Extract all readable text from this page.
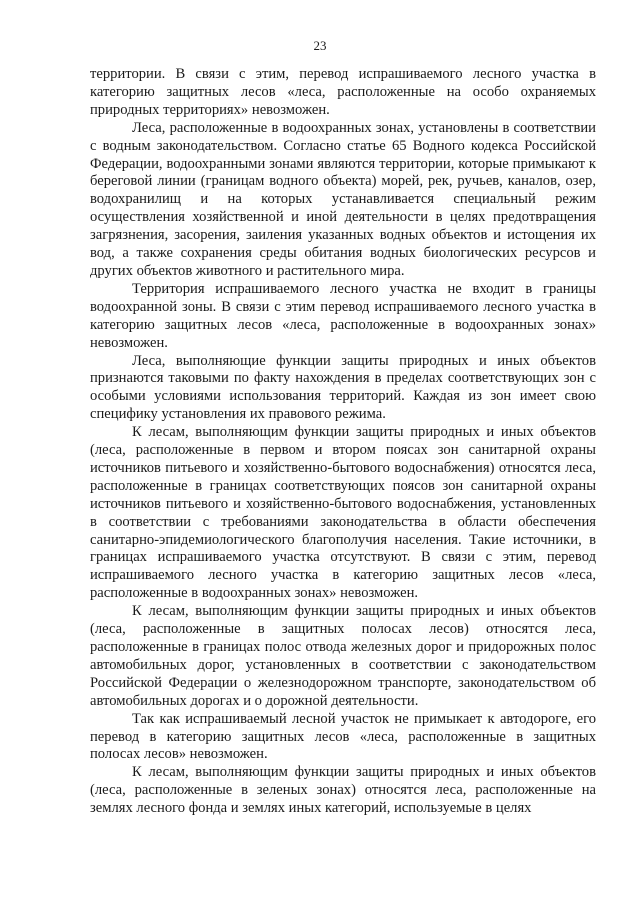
23

территории. В связи с этим, перевод испрашиваемого лесного участка в категорию защитных лесов «леса, расположенные на особо охраняемых природных территориях» невозможен.

Леса, расположенные в водоохранных зонах, установлены в соответствии с водным законодательством. Согласно статье 65 Водного кодекса Российской Федерации, водоохранными зонами являются территории, которые примыкают к береговой линии (границам водного объекта) морей, рек, ручьев, каналов, озер, водохранилищ и на которых устанавливается специальный режим осуществления хозяйственной и иной деятельности в целях предотвращения загрязнения, засорения, заиления указанных водных объектов и истощения их вод, а также сохранения среды обитания водных биологических ресурсов и других объектов животного и растительного мира.

Территория испрашиваемого лесного участка не входит в границы водоохранной зоны. В связи с этим перевод испрашиваемого лесного участка в категорию защитных лесов «леса, расположенные в водоохранных зонах» невозможен.

Леса, выполняющие функции защиты природных и иных объектов признаются таковыми по факту нахождения в пределах соответствующих зон с особыми условиями использования территорий. Каждая из зон имеет свою специфику установления их правового режима.

К лесам, выполняющим функции защиты природных и иных объектов (леса, расположенные в первом и втором поясах зон санитарной охраны источников питьевого и хозяйственно-бытового водоснабжения) относятся леса, расположенные в границах соответствующих поясов зон санитарной охраны источников питьевого и хозяйственно-бытового водоснабжения, установленных в соответствии с требованиями законодательства в области обеспечения санитарно-эпидемиологического благополучия населения. Такие источники, в границах испрашиваемого участка отсутствуют. В связи с этим, перевод испрашиваемого лесного участка в категорию защитных лесов «леса, расположенные в водоохранных зонах» невозможен.

К лесам, выполняющим функции защиты природных и иных объектов (леса, расположенные в защитных полосах лесов) относятся леса, расположенные в границах полос отвода железных дорог и придорожных полос автомобильных дорог, установленных в соответствии с законодательством Российской Федерации о железнодорожном транспорте, законодательством об автомобильных дорогах и о дорожной деятельности.

Так как испрашиваемый лесной участок не примыкает к автодороге, его перевод в категорию защитных лесов «леса, расположенные в защитных полосах лесов» невозможен.

К лесам, выполняющим функции защиты природных и иных объектов (леса, расположенные в зеленых зонах) относятся леса, расположенные на землях лесного фонда и землях иных категорий, используемые в целях
